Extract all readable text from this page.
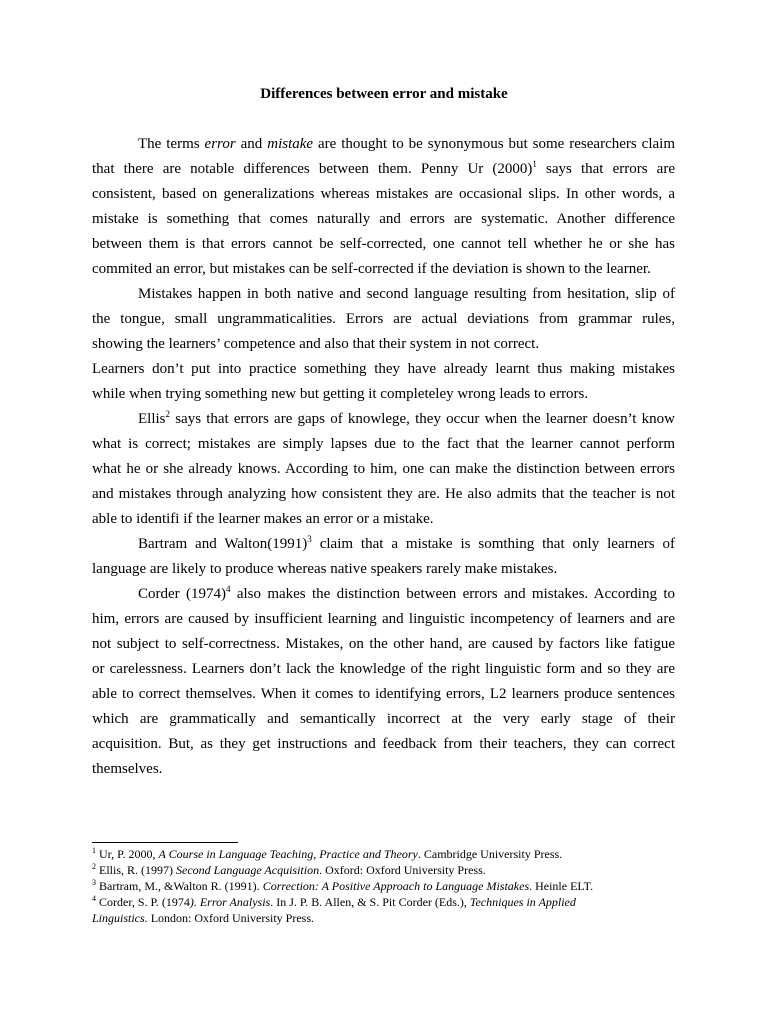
Differences between error and mistake
The terms error and mistake are thought to be synonymous but some researchers claim
that there are notable differences between them. Penny Ur $(2000)^1$ says that errors are
consistent, based on generalizations whereas mistakes are occasional slips. In other words, a
mistake is something that comes naturally and errors are systematic. Another difference
between them is that errors cannot be self-corrected, one cannot tell whether he or she has
commited an error, but mistakes can be self-corrected if the deviation is shown to the learner.
Mistakes happen in both native and second language resulting from hesitation, slip of
the tongue, small ungrammaticalities. Errors are actual deviations from grammar rules,
showing the learners’ competence and also that their system in not correct.
Learners don’t put into practice something they have already learnt thus making mistakes
while when trying something new but getting it completeley wrong leads to errors.
Ellis$^2$ says that errors are gaps of knowlege, they occur when the learner doesn’t know
what is correct; mistakes are simply lapses due to the fact that the learner cannot perform
what he or she already knows. According to him, one can make the distinction between errors
and mistakes through analyzing how consistent they are. He also admits that the teacher is not
able to identifi if the learner makes an error or a mistake.
Bartram and $Walton(1991)^3$ claim that a mistake is somthing that only learners of
language are likely to produce whereas native speakers rarely make mistakes.
Corder $(1974)^4$ also makes the distinction between errors and mistakes. According to
him, errors are caused by insufficient learning and linguistic incompetency of learners and are
not subject to self-correctness. Mistakes, on the other hand, are caused by factors like fatigue
or carelessness. Learners don’t lack the knowledge of the right linguistic form and so they are
able to correct themselves. When it comes to identifying errors, L2 learners produce sentences
which are grammatically and semantically incorrect at the very early stage of their
acquisition. But, as they get instructions and feedback from their teachers, they can correct
themselves.
$^1$ Ur, P. 2000, A Course in Language Teaching, Practice and Theory. Cambridge University Press.
$^2$ Ellis, R. (1997) Second Language Acquisition. Oxford: Oxford University Press.
$^3$ Bartram, M., &Walton R. (1991). Correction: A Positive Approach to Language Mistakes. Heinle ELT.
$^4$ Corder, S. P. (1974). Error Analysis. In J. P. B. Allen, & S. Pit Corder (Eds.), Techniques in Applied
Linguistics. London: Oxford University Press.
